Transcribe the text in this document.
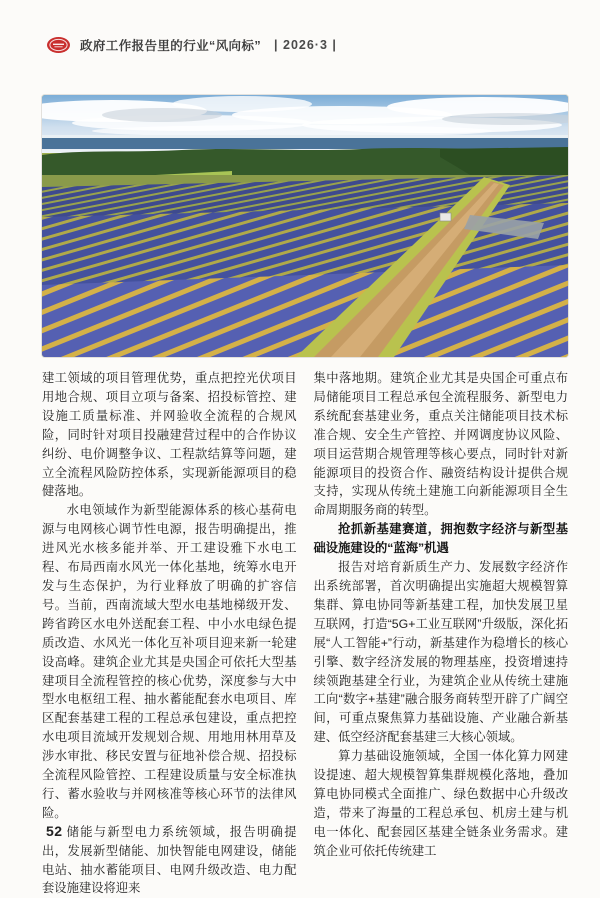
政府工作报告里的行业“风向标” | 2026·3 |

建工领域的项目管理优势，重点把控光伏项目用地合规、项目立项与备案、招投标管控、建设施工质量标准、并网验收全流程的合规风险，同时针对项目投融建营过程中的合作协议纠纷、电价调整争议、工程款结算等问题，建立全流程风险防控体系，实现新能源项目的稳健落地。

水电领域作为新型能源体系的核心基荷电源与电网核心调节性电源，报告明确提出，推进风光水核多能并举、开工建设雅下水电工程、布局西南水风光一体化基地，统筹水电开发与生态保护，为行业释放了明确的扩容信号。当前，西南流域大型水电基地梯级开发、跨省跨区水电外送配套工程、中小水电绿色提质改造、水风光一体化互补项目迎来新一轮建设高峰。建筑企业尤其是央国企可依托大型基建项目全流程管控的核心优势，深度参与大中型水电枢纽工程、抽水蓄能配套水电项目、库区配套基建工程的工程总承包建设，重点把控水电项目流域开发规划合规、用地用林用草及涉水审批、移民安置与征地补偿合规、招投标全流程风险管控、工程建设质量与安全标准执行、蓄水验收与并网核准等核心环节的法律风险。

储能与新型电力系统领域，报告明确提出，发展新型储能、加快智能电网建设，储能电站、抽水蓄能项目、电网升级改造、电力配套设施建设将迎来

集中落地期。建筑企业尤其是央国企可重点布局储能项目工程总承包全流程服务、新型电力系统配套基建业务，重点关注储能项目技术标准合规、安全生产管控、并网调度协议风险、项目运营期合规管理等核心要点，同时针对新能源项目的投资合作、融资结构设计提供合规支持，实现从传统土建施工向新能源项目全生命周期服务商的转型。

抢抓新基建赛道，拥抱数字经济与新型基础设施建设的“蓝海”机遇

报告对培育新质生产力、发展数字经济作出系统部署，首次明确提出实施超大规模智算集群、算电协同等新基建工程，加快发展卫星互联网，打造“5G+工业互联网”升级版，深化拓展“人工智能+”行动，新基建作为稳增长的核心引擎、数字经济发展的物理基座，投资增速持续领跑基建全行业，为建筑企业从传统土建施工向“数字+基建”融合服务商转型开辟了广阔空间，可重点聚焦算力基础设施、产业融合新基建、低空经济配套基建三大核心领域。

算力基础设施领域，全国一体化算力网建设提速、超大规模智算集群规模化落地，叠加算电协同模式全面推广、绿色数据中心升级改造，带来了海量的工程总承包、机房土建与机电一体化、配套园区基建全链条业务需求。建筑企业可依托传统建工

52
